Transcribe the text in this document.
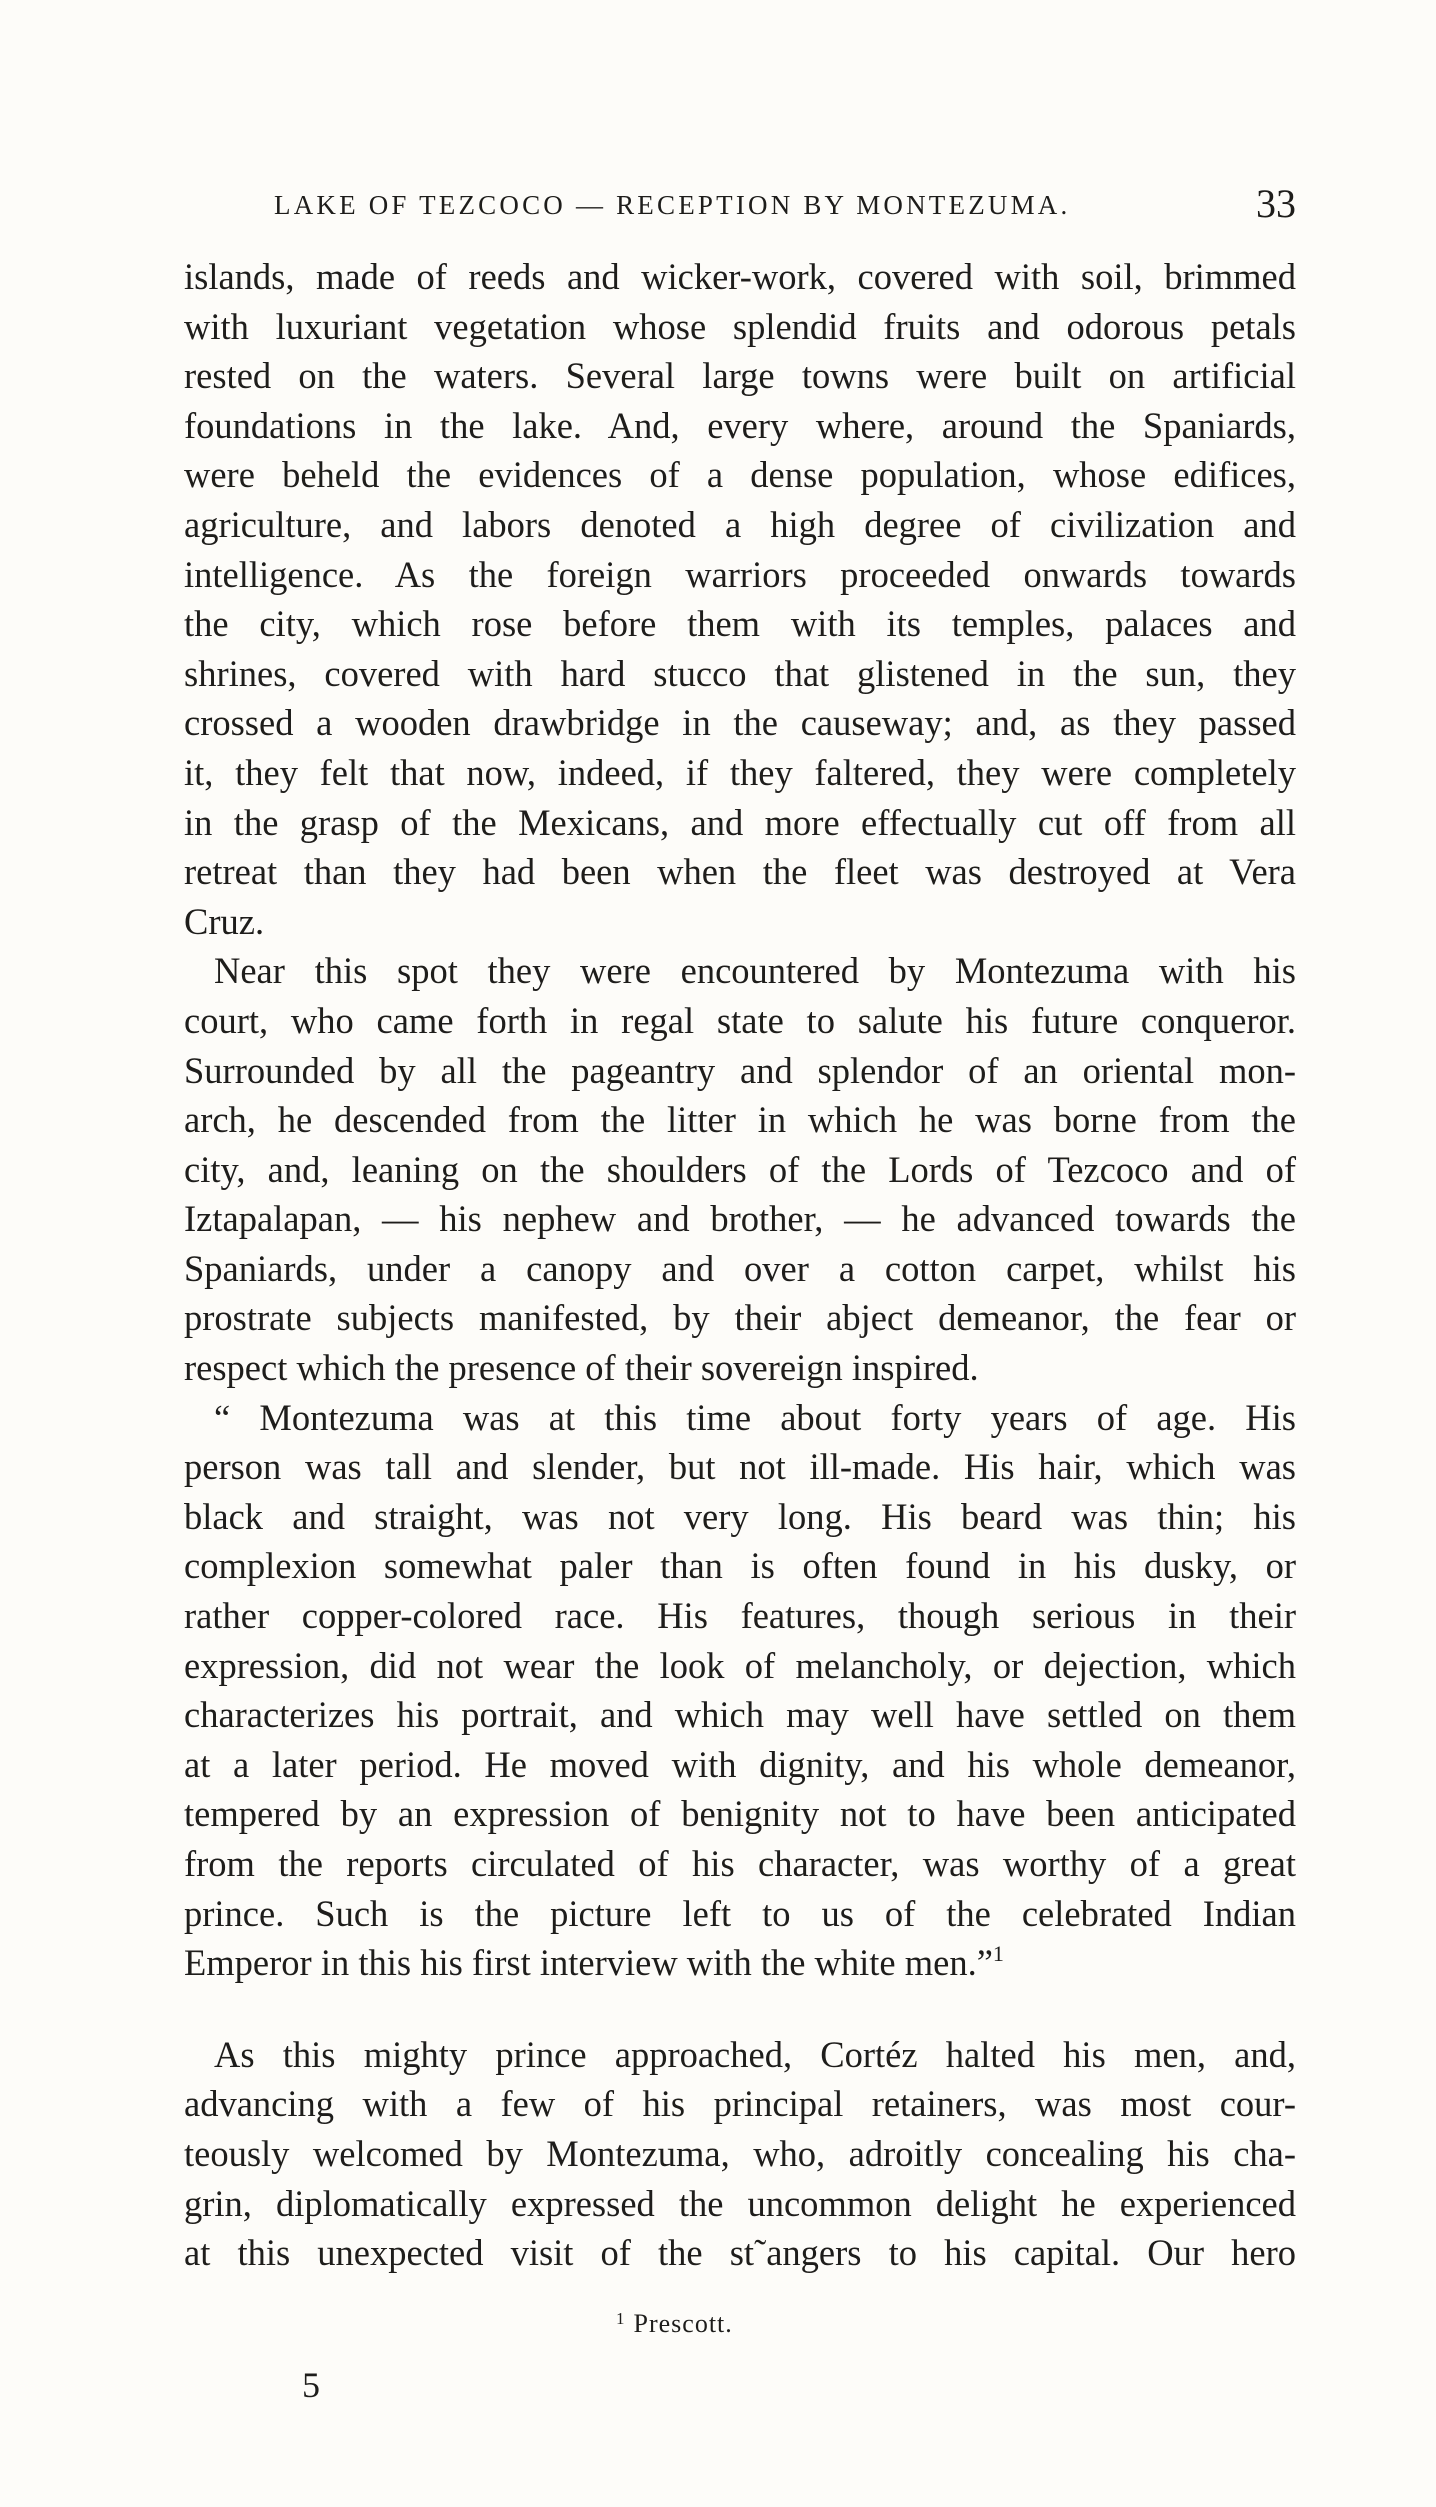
LAKE OF TEZCOCO — RECEPTION BY MONTEZUMA.	33
islands, made of reeds and wicker-work, covered with soil, brimmed
with luxuriant vegetation whose splendid fruits and odorous petals
rested on the waters. Several large towns were built on artificial
foundations in the lake. And, every where, around the Spaniards,
were beheld the evidences of a dense population, whose edifices,
agriculture, and labors denoted a high degree of civilization and
intelligence. As the foreign warriors proceeded onwards towards
the city, which rose before them with its temples, palaces and
shrines, covered with hard stucco that glistened in the sun, they
crossed a wooden drawbridge in the causeway; and, as they passed
it, they felt that now, indeed, if they faltered, they were completely
in the grasp of the Mexicans, and more effectually cut off from all
retreat than they had been when the fleet was destroyed at Vera
Cruz.
Near this spot they were encountered by Montezuma with his
court, who came forth in regal state to salute his future conqueror.
Surrounded by all the pageantry and splendor of an oriental mon-
arch, he descended from the litter in which he was borne from the
city, and, leaning on the shoulders of the Lords of Tezcoco and of
Iztapalapan, — his nephew and brother, — he advanced towards the
Spaniards, under a canopy and over a cotton carpet, whilst his
prostrate subjects manifested, by their abject demeanor, the fear or
respect which the presence of their sovereign inspired.
“ Montezuma was at this time about forty years of age. His
person was tall and slender, but not ill-made. His hair, which was
black and straight, was not very long. His beard was thin; his
complexion somewhat paler than is often found in his dusky, or
rather copper-colored race. His features, though serious in their
expression, did not wear the look of melancholy, or dejection, which
characterizes his portrait, and which may well have settled on them
at a later period. He moved with dignity, and his whole demeanor,
tempered by an expression of benignity not to have been anticipated
from the reports circulated of his character, was worthy of a great
prince. Such is the picture left to us of the celebrated Indian
Emperor in this his first interview with the white men.”$^1$
As this mighty prince approached, Cortéz halted his men, and,
advancing with a few of his principal retainers, was most cour-
teously welcomed by Montezuma, who, adroitly concealing his cha-
grin, diplomatically expressed the uncommon delight he experienced
at this unexpected visit of the st˜angers to his capital. Our hero
$^1$ Prescott.
5
